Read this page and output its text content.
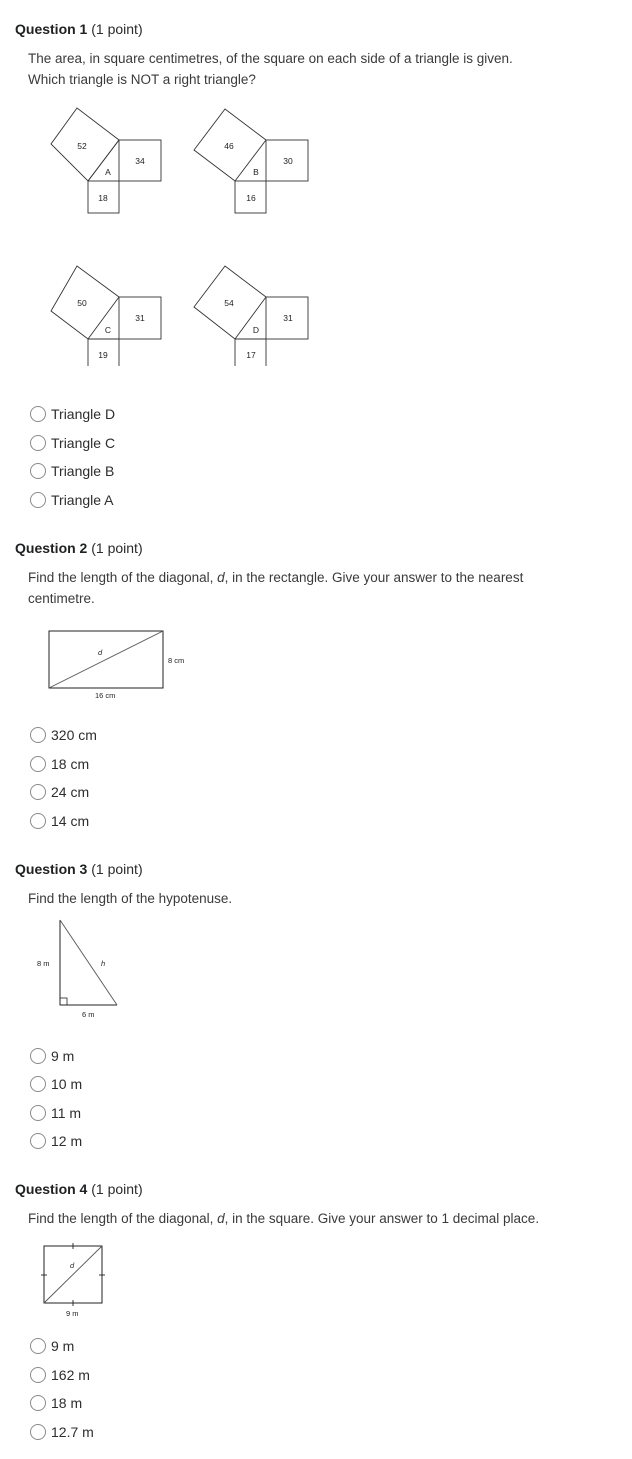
Question 1 (1 point)
The area, in square centimetres, of the square on each side of a triangle is given.
Which triangle is NOT a right triangle?
52
34
18
A
46
30
16
B
50
31
19
C
54
31
17
D
Triangle D
Triangle C
Triangle B
Triangle A
Question 2 (1 point)
Find the length of the diagonal, d, in the rectangle. Give your answer to the nearest
centimetre.
d
8 cm
16 cm
320 cm
18 cm
24 cm
14 cm
Question 3 (1 point)
Find the length of the hypotenuse.
8 m
6 m
h
9 m
10 m
11 m
12 m
Question 4 (1 point)
Find the length of the diagonal, d, in the square. Give your answer to 1 decimal place.
d
9 m
9 m
162 m
18 m
12.7 m
